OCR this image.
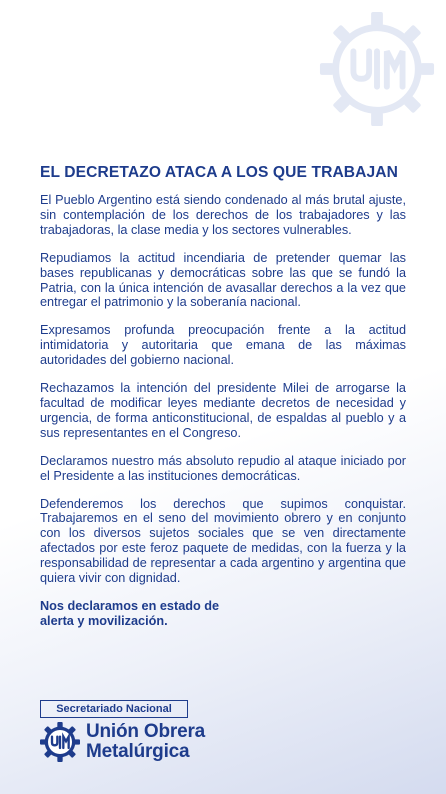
EL DECRETAZO ATACA A LOS QUE TRABAJAN

El Pueblo Argentino está siendo condenado al más brutal ajuste, sin contemplación de los derechos de los trabajadores y las trabajadoras, la clase media y los sectores vulnerables.

Repudiamos la actitud incendiaria de pretender quemar las bases republicanas y democráticas sobre las que se fundó la Patria, con la única intención de avasallar derechos a la vez que entregar el patrimonio y la soberanía nacional.

Expresamos profunda preocupación frente a la actitud intimidatoria y autoritaria que emana de las máximas autoridades del gobierno nacional.

Rechazamos la intención del presidente Milei de arrogarse la facultad de modificar leyes mediante decretos de necesidad y urgencia, de forma anticonstitucional, de espaldas al pueblo y a sus representantes en el Congreso.

Declaramos nuestro más absoluto repudio al ataque iniciado por el Presidente a las instituciones democráticas.

Defenderemos los derechos que supimos conquistar. Trabajaremos en el seno del movimiento obrero y en conjunto con los diversos sujetos sociales que se ven directamente afectados por este feroz paquete de medidas, con la fuerza y la responsabilidad de representar a cada argentino y argentina que quiera vivir con dignidad.

Nos declaramos en estado de alerta y movilización.

Secretariado Nacional
Unión Obrera
Metalúrgica
